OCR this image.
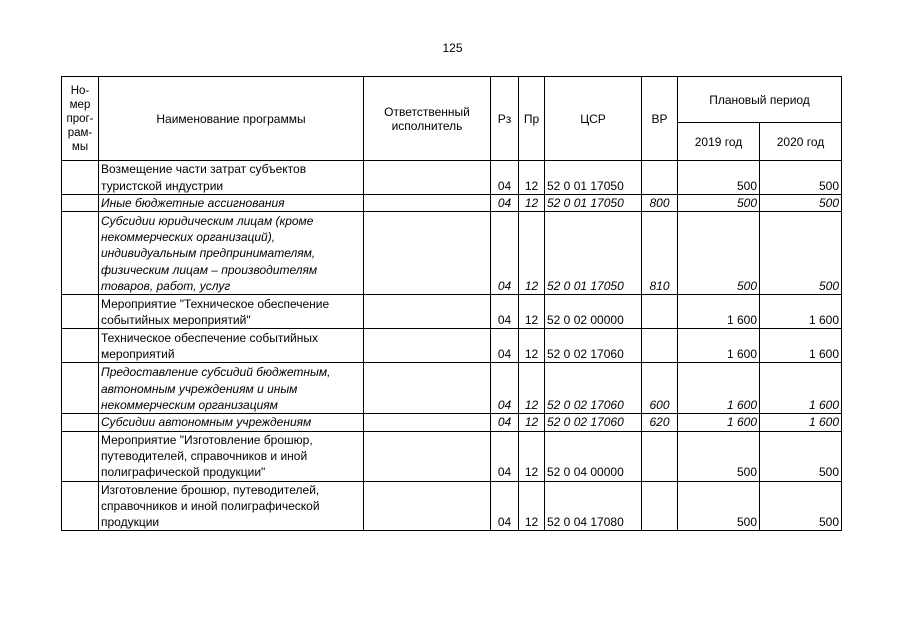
125
Но-
мер
прог-
рам-
мы	Наименование программы	Ответственный исполнитель	Рз	Пр	ЦСР	ВР	Плановый период	
							2019 год	2020 год
	Возмещение части затрат субъектов туристской индустрии		04	12	52 0 01 17050		500	500
	Иные бюджетные ассигнования		04	12	52 0 01 17050	800	500	500
	Субсидии юридическим лицам (кроме некоммерческих организаций), индивидуальным предпринимателям, физическим лицам – производителям товаров, работ, услуг		04	12	52 0 01 17050	810	500	500
	Мероприятие "Техническое обеспечение событийных мероприятий"		04	12	52 0 02 00000		1 600	1 600
	Техническое обеспечение событийных мероприятий		04	12	52 0 02 17060		1 600	1 600
	Предоставление субсидий бюджетным, автономным учреждениям и иным некоммерческим организациям		04	12	52 0 02 17060	600	1 600	1 600
	Субсидии автономным учреждениям		04	12	52 0 02 17060	620	1 600	1 600
	Мероприятие "Изготовление брошюр, путеводителей, справочников и иной полиграфической продукции"		04	12	52 0 04 00000		500	500
	Изготовление брошюр, путеводителей, справочников и иной полиграфической продукции		04	12	52 0 04 17080		500	500
